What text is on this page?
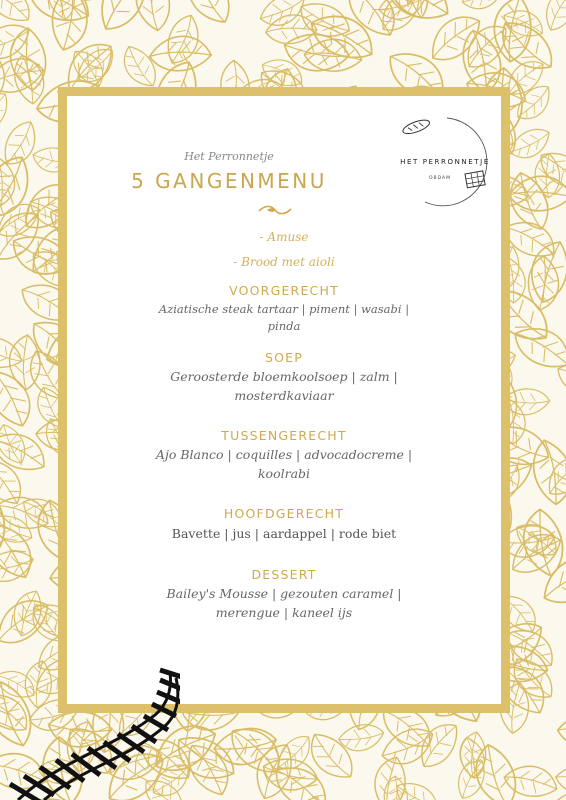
Het Perronnetje
5 GANGENMENU
HET PERRONNETJE
OBDAM
- Amuse
- Brood met aioli
VOORGERECHT
Aziatische steak tartaar | piment | wasabi |
pinda
SOEP
Geroosterde bloemkoolsoep | zalm |
mosterdkaviaar
TUSSENGERECHT
Ajo Blanco | coquilles | advocadocreme |
koolrabi
HOOFDGERECHT
Bavette | jus | aardappel | rode biet
DESSERT
Bailey's Mousse | gezouten caramel |
merengue | kaneel ijs
